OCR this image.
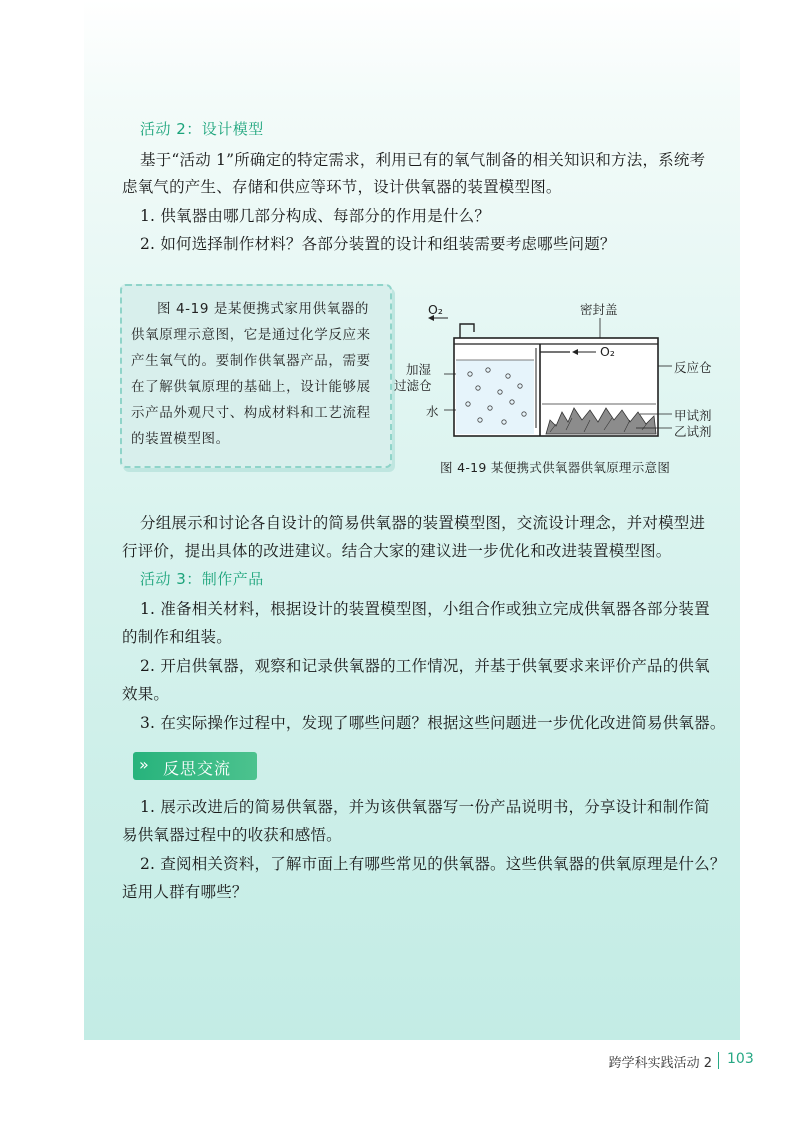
活动 2：设计模型
基于“活动 1”所确定的特定需求，利用已有的氧气制备的相关知识和方法，系统考
虑氧气的产生、存储和供应等环节，设计供氧器的装置模型图。
1. 供氧器由哪几部分构成、每部分的作用是什么？
2. 如何选择制作材料？各部分装置的设计和组装需要考虑哪些问题？
图 4-19 是某便携式家用供氧器的供氧原理示意图，它是通过化学反应来产生氧气的。要制作供氧器产品，需要在了解供氧原理的基础上，设计能够展示产品外观尺寸、构成材料和工艺流程的装置模型图。
O₂	密封盖
O₂
加湿
过滤仓
水
反应仓
甲试剂
乙试剂
图 4-19 某便携式供氧器供氧原理示意图
分组展示和讨论各自设计的简易供氧器的装置模型图，交流设计理念，并对模型进
行评价，提出具体的改进建议。结合大家的建议进一步优化和改进装置模型图。
活动 3：制作产品
1. 准备相关材料，根据设计的装置模型图，小组合作或独立完成供氧器各部分装置
的制作和组装。
2. 开启供氧器，观察和记录供氧器的工作情况，并基于供氧要求来评价产品的供氧
效果。
3. 在实际操作过程中，发现了哪些问题？根据这些问题进一步优化改进简易供氧器。
» 反思交流
1. 展示改进后的简易供氧器，并为该供氧器写一份产品说明书，分享设计和制作简
易供氧器过程中的收获和感悟。
2. 查阅相关资料，了解市面上有哪些常见的供氧器。这些供氧器的供氧原理是什么？
适用人群有哪些？
跨学科实践活动 2 103
